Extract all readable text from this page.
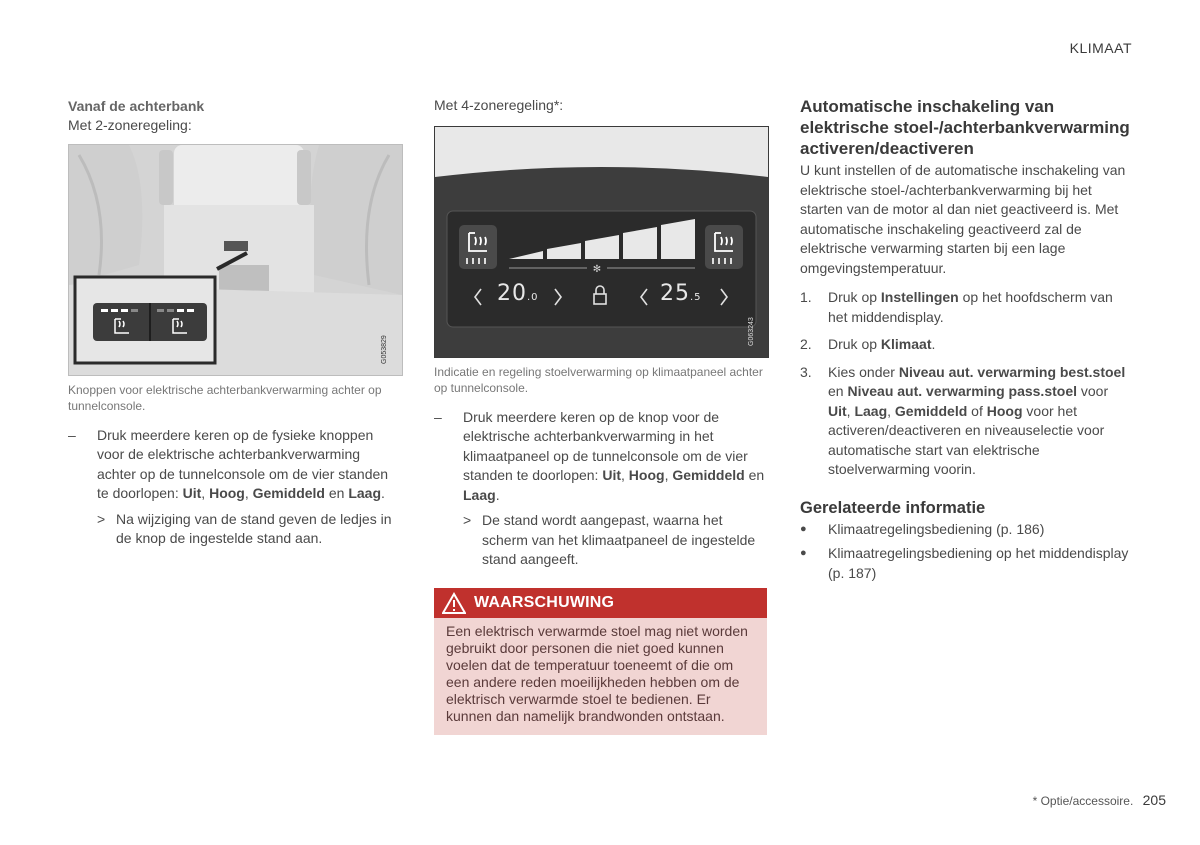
KLIMAAT

Vanaf de achterbank

Met 2-zoneregeling:

G053829

Knoppen voor elektrische achterbankverwarming achter op tunnelconsole.

– Druk meerdere keren op de fysieke knoppen voor de elektrische achterbankverwarming achter op de tunnelconsole om de vier standen te doorlopen: Uit, Hoog, Gemiddeld en Laag.
> Na wijziging van de stand geven de ledjes in de knop de ingestelde stand aan.

Met 4-zoneregeling*:

✻
20.0	25.5
G063243

Indicatie en regeling stoelverwarming op klimaatpaneel achter op tunnelconsole.

– Druk meerdere keren op de knop voor de elektrische achterbankverwarming in het klimaatpaneel op de tunnelconsole om de vier standen te doorlopen: Uit, Hoog, Gemiddeld en Laag.
> De stand wordt aangepast, waarna het scherm van het klimaatpaneel de ingestelde stand aangeeft.
WAARSCHUWING
Een elektrisch verwarmde stoel mag niet worden gebruikt door personen die niet goed kunnen voelen dat de temperatuur toeneemt of die om een andere reden moeilijkheden hebben om de elektrisch verwarmde stoel te bedienen. Er kunnen dan namelijk brandwonden ontstaan.

Automatische inschakeling van elektrische stoel-/achterbankverwarming activeren/deactiveren

U kunt instellen of de automatische inschakeling van elektrische stoel-/achterbankverwarming bij het starten van de motor al dan niet geactiveerd is. Met automatische inschakeling geactiveerd zal de elektrische verwarming starten bij een lage omgevingstemperatuur.

1. Druk op Instellingen op het hoofdscherm van het middendisplay.
2. Druk op Klimaat.
3. Kies onder Niveau aut. verwarming best.stoel en Niveau aut. verwarming pass.stoel voor Uit, Laag, Gemiddeld of Hoog voor het activeren/deactiveren en niveauselectie voor automatische start van elektrische stoelverwarming voorin.

Gerelateerde informatie

● Klimaatregelingsbediening (p. 186)
● Klimaatregelingsbediening op het middendisplay (p. 187)
* Optie/accessoire. 205
